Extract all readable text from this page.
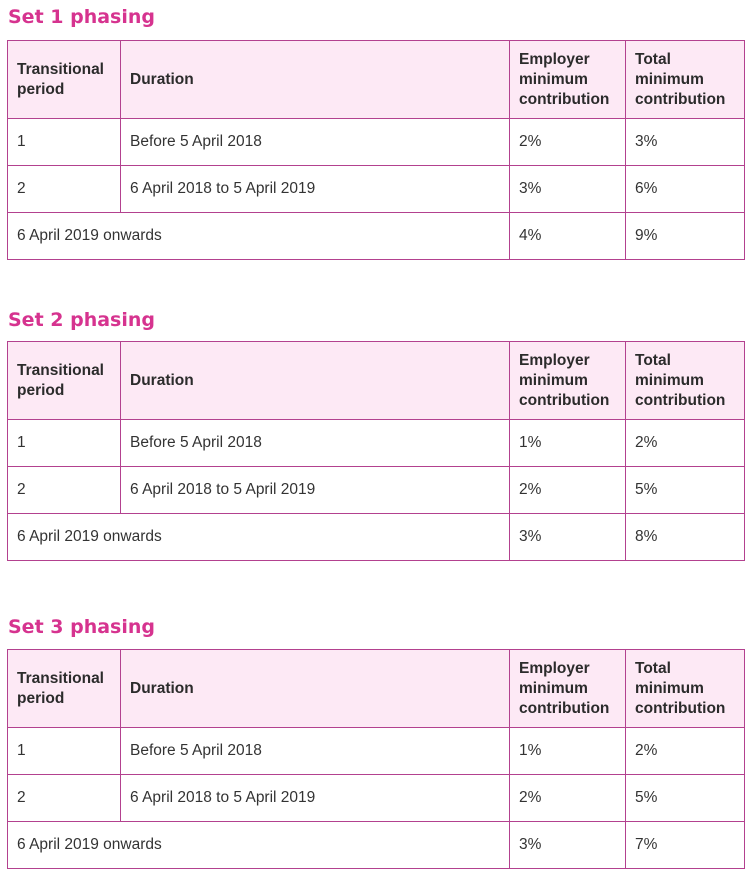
Set 1 phasing
Transitional period	Duration	Employer minimum contribution	Total minimum contribution
1	Before 5 April 2018	2%	3%
2	6 April 2018 to 5 April 2019	3%	6%
6 April 2019 onwards		4%	9%
Set 2 phasing
Transitional period	Duration	Employer minimum contribution	Total minimum contribution
1	Before 5 April 2018	1%	2%
2	6 April 2018 to 5 April 2019	2%	5%
6 April 2019 onwards		3%	8%
Set 3 phasing
Transitional period	Duration	Employer minimum contribution	Total minimum contribution
1	Before 5 April 2018	1%	2%
2	6 April 2018 to 5 April 2019	2%	5%
6 April 2019 onwards		3%	7%
